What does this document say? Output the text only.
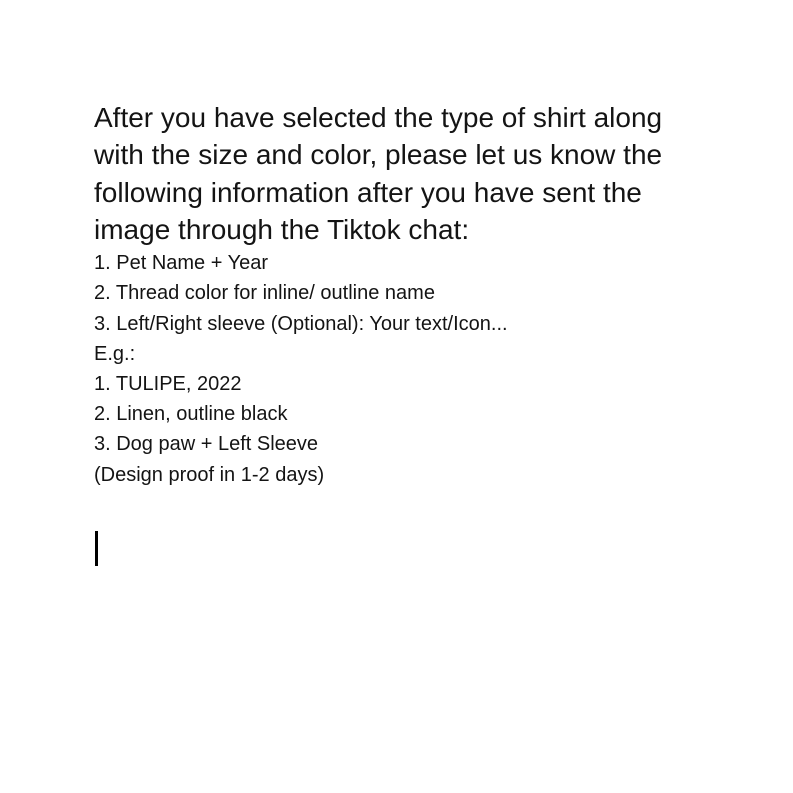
After you have selected the type of shirt along
with the size and color, please let us know the
following information after you have sent the
image through the Tiktok chat:
1. Pet Name + Year
2. Thread color for inline/ outline name
3. Left/Right sleeve (Optional): Your text/Icon...
E.g.:
1. TULIPE, 2022
2. Linen, outline black
3. Dog paw + Left Sleeve
(Design proof in 1-2 days)
